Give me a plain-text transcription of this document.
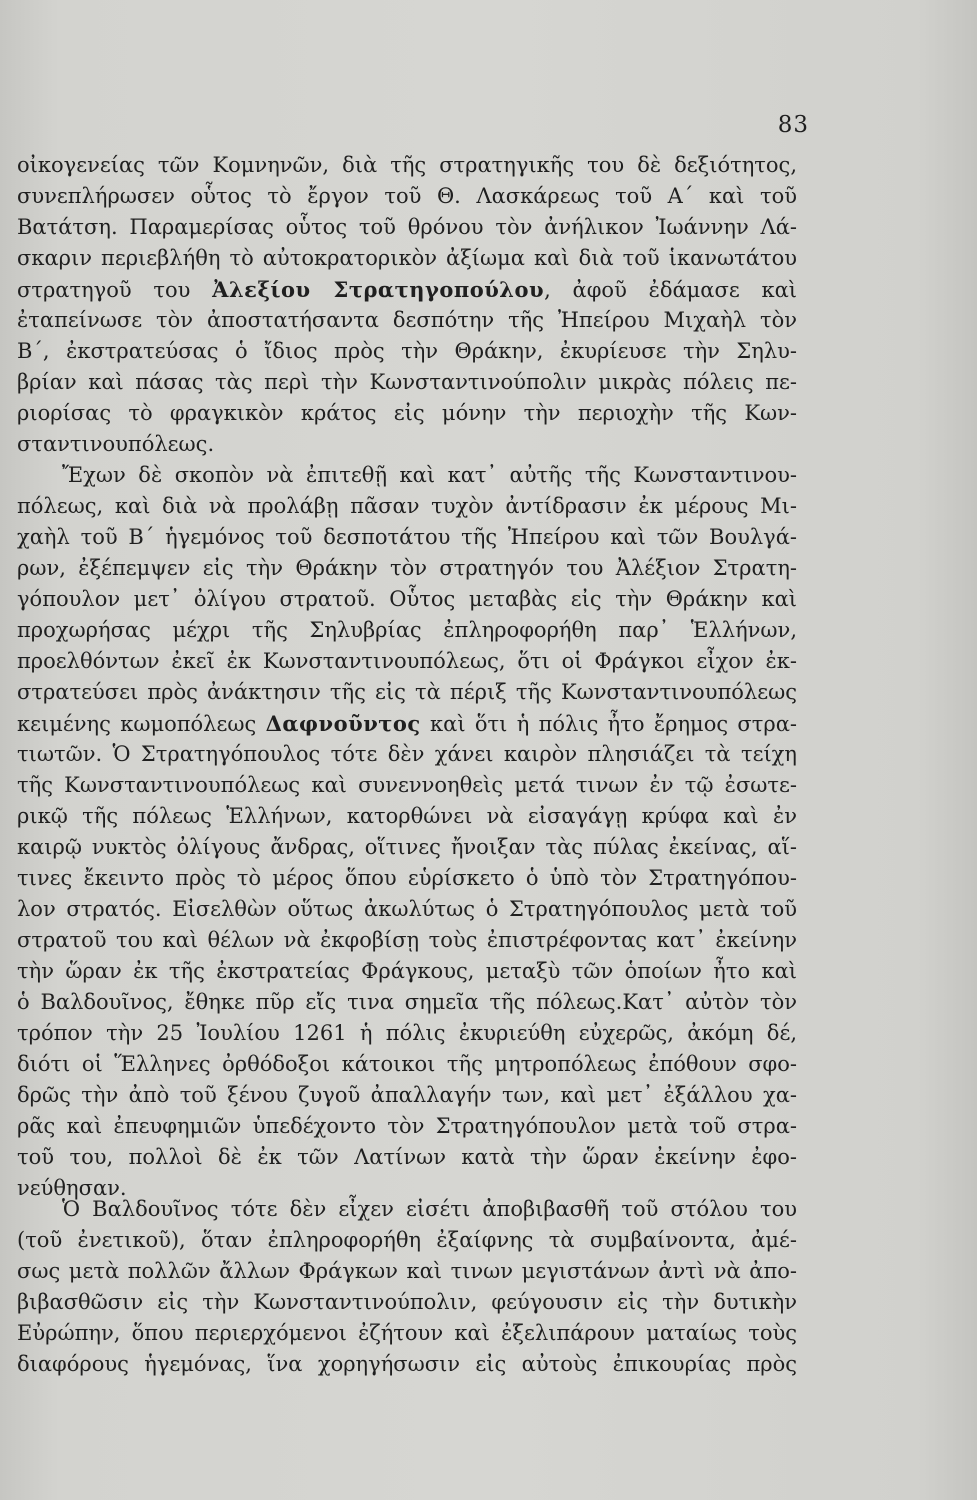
83
οἰκογενείας τῶν Κομνηνῶν, διὰ τῆς στρατηγικῆς του δὲ δεξιότητος,
συνεπλήρωσεν οὗτος τὸ ἔργον τοῦ Θ. Λασκάρεως τοῦ Α΄ καὶ τοῦ
Βατάτση. Παραμερίσας οὗτος τοῦ θρόνου τὸν ἀνήλικον Ἰωάννην Λά-
σκαριν περιεβλήθη τὸ αὐτοκρατορικὸν ἀξίωμα καὶ διὰ τοῦ ἱκανωτάτου
στρατηγοῦ του Ἀλεξίου Στρατηγοπούλου, ἀφοῦ ἐδάμασε καὶ
ἐταπείνωσε τὸν ἀποστατήσαντα δεσπότην τῆς Ἠπείρου Μιχαὴλ τὸν
Β΄, ἐκστρατεύσας ὁ ἴδιος πρὸς τὴν Θράκην, ἐκυρίευσε τὴν Σηλυ-
βρίαν καὶ πάσας τὰς περὶ τὴν Κωνσταντινούπολιν μικρὰς πόλεις πε-
ριορίσας τὸ φραγκικὸν κράτος εἰς μόνην τὴν περιοχὴν τῆς Κων-
σταντινουπόλεως.
Ἔχων δὲ σκοπὸν νὰ ἐπιτεθῇ καὶ κατ᾽ αὐτῆς τῆς Κωνσταντινου-
πόλεως, καὶ διὰ νὰ προλάβῃ πᾶσαν τυχὸν ἀντίδρασιν ἐκ μέρους Μι-
χαὴλ τοῦ Β΄ ἡγεμόνος τοῦ δεσποτάτου τῆς Ἠπείρου καὶ τῶν Βουλγά-
ρων, ἐξέπεμψεν εἰς τὴν Θράκην τὸν στρατηγόν του Ἀλέξιον Στρατη-
γόπουλον μετ᾽ ὀλίγου στρατοῦ. Οὗτος μεταβὰς εἰς τὴν Θράκην καὶ
προχωρήσας μέχρι τῆς Σηλυβρίας ἐπληροφορήθη παρ᾽ Ἑλλήνων,
προελθόντων ἐκεῖ ἐκ Κωνσταντινουπόλεως, ὅτι οἱ Φράγκοι εἶχον ἐκ-
στρατεύσει πρὸς ἀνάκτησιν τῆς εἰς τὰ πέριξ τῆς Κωνσταντινουπόλεως
κειμένης κωμοπόλεως Δαφνοῦντος καὶ ὅτι ἡ πόλις ἦτο ἔρημος στρα-
τιωτῶν. Ὁ Στρατηγόπουλος τότε δὲν χάνει καιρὸν πλησιάζει τὰ τείχη
τῆς Κωνσταντινουπόλεως καὶ συνεννοηθεὶς μετά τινων ἐν τῷ ἐσωτε-
ρικῷ τῆς πόλεως Ἑλλήνων, κατορθώνει νὰ εἰσαγάγῃ κρύφα καὶ ἐν
καιρῷ νυκτὸς ὀλίγους ἄνδρας, οἵτινες ἤνοιξαν τὰς πύλας ἐκείνας, αἵ-
τινες ἔκειντο πρὸς τὸ μέρος ὅπου εὑρίσκετο ὁ ὑπὸ τὸν Στρατηγόπου-
λον στρατός. Εἰσελθὼν οὕτως ἀκωλύτως ὁ Στρατηγόπουλος μετὰ τοῦ
στρατοῦ του καὶ θέλων νὰ ἐκφοβίσῃ τοὺς ἐπιστρέφοντας κατ᾽ ἐκείνην
τὴν ὥραν ἐκ τῆς ἐκστρατείας Φράγκους, μεταξὺ τῶν ὁποίων ἦτο καὶ
ὁ Βαλδουῖνος, ἔθηκε πῦρ εἴς τινα σημεῖα τῆς πόλεως.Κατ᾽ αὐτὸν τὸν
τρόπον τὴν 25 Ἰουλίου 1261 ἡ πόλις ἐκυριεύθη εὐχερῶς, ἀκόμη δέ,
διότι οἱ Ἕλληνες ὀρθόδοξοι κάτοικοι τῆς μητροπόλεως ἐπόθουν σφο-
δρῶς τὴν ἀπὸ τοῦ ξένου ζυγοῦ ἀπαλλαγήν των, καὶ μετ᾽ ἐξάλλου χα-
ρᾶς καὶ ἐπευφημιῶν ὑπεδέχοντο τὸν Στρατηγόπουλον μετὰ τοῦ στρα-
τοῦ του, πολλοὶ δὲ ἐκ τῶν Λατίνων κατὰ τὴν ὥραν ἐκείνην ἐφο-
νεύθησαν.
Ὁ Βαλδουῖνος τότε δὲν εἶχεν εἰσέτι ἀποβιβασθῆ τοῦ στόλου του
(τοῦ ἐνετικοῦ), ὅταν ἐπληροφορήθη ἐξαίφνης τὰ συμβαίνοντα, ἀμέ-
σως μετὰ πολλῶν ἄλλων Φράγκων καὶ τινων μεγιστάνων ἀντὶ νὰ ἀπο-
βιβασθῶσιν εἰς τὴν Κωνσταντινούπολιν, φεύγουσιν εἰς τὴν δυτικὴν
Εὐρώπην, ὅπου περιερχόμενοι ἐζήτουν καὶ ἐξελιπάρουν ματαίως τοὺς
διαφόρους ἡγεμόνας, ἵνα χορηγήσωσιν εἰς αὐτοὺς ἐπικουρίας πρὸς
